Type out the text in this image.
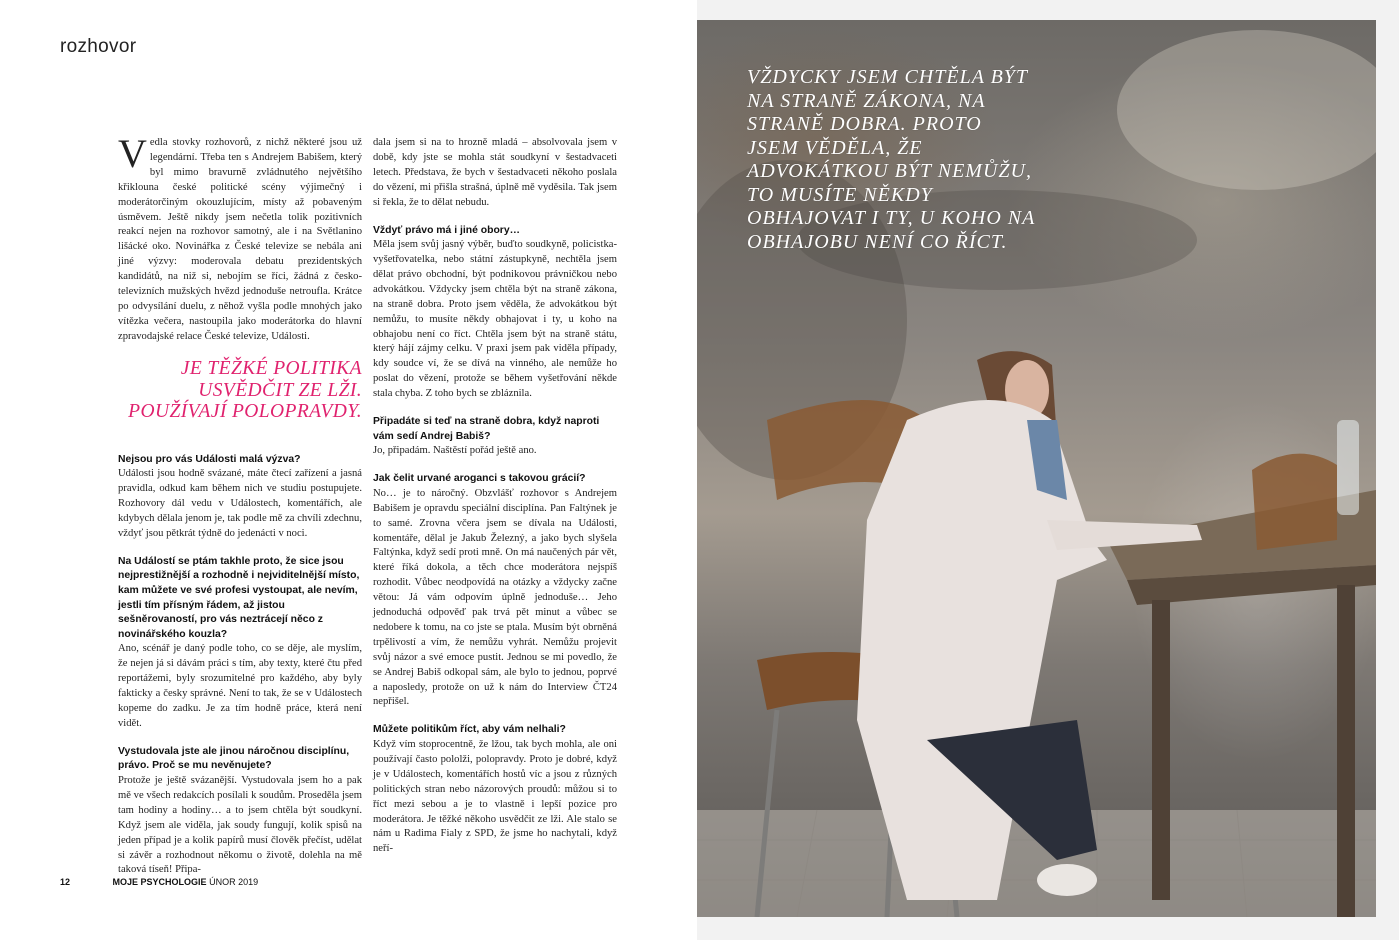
rozhovor

Vedla stovky rozhovorů, z nichž některé jsou už legendární. Třeba ten s Andrejem Babišem, který byl mimo bravurně zvládnutého největšího křiklouna české politické scény výjimečný i moderátorčiným okouzlujícím, místy až pobaveným úsměvem. Ještě nikdy jsem nečetla tolik pozitivních reakcí nejen na rozhovor samotný, ale i na Světlanino lišácké oko. Novinářka z České televize se nebála ani jiné výzvy: moderovala debatu prezidentských kandidátů, na niž si, nebojím se říci, žádná z českotelevizních mužských hvězd jednoduše netroufla. Krátce po odvysílání duelu, z něhož vyšla podle mnohých jako vítězka večera, nastoupila jako moderátorka do hlavní zpravodajské relace České televize, Události.

Nejsou pro vás Události malá výzva?

Události jsou hodně svázané, máte čtecí zařízení a jasná pravidla, odkud kam během nich ve studiu postupujete. Rozhovory dál vedu v Událostech, komentářích, ale kdybych dělala jenom je, tak podle mě za chvíli zdechnu, vždyť jsou pětkrát týdně do jedenácti v noci.

Na Událostí se ptám takhle proto, že sice jsou nejprestižnější a rozhodně i nejviditelnější místo, kam můžete ve své profesi vystoupat, ale nevím, jestli tím přísným řádem, až jistou sešněrovaností, pro vás neztrácejí něco z novinářského kouzla?

Ano, scénář je daný podle toho, co se děje, ale myslím, že nejen já si dávám práci s tím, aby texty, které čtu před reportážemi, byly srozumitelné pro každého, aby byly fakticky a česky správné. Není to tak, že se v Událostech kopeme do zadku. Je za tím hodně práce, která není vidět.

Vystudovala jste ale jinou náročnou disciplínu, právo. Proč se mu nevěnujete?

Protože je ještě svázanější. Vystudovala jsem ho a pak mě ve všech redakcích posílali k soudům. Proseděla jsem tam hodiny a hodiny… a to jsem chtěla být soudkyní. Když jsem ale viděla, jak soudy fungují, kolik spisů na jeden případ je a kolik papírů musí člověk přečíst, udělat si závěr a rozhodnout někomu o životě, dolehla na mě taková tíseň! Připa-

JE TĚŽKÉ POLITIKA USVĚDČIT ZE LŽI. POUŽÍVAJÍ POLOPRAVDY.

dala jsem si na to hrozně mladá – absolvovala jsem v době, kdy jste se mohla stát soudkyní v šestadvaceti letech. Představa, že bych v šestadvaceti někoho poslala do vězení, mi přišla strašná, úplně mě vyděsila. Tak jsem si řekla, že to dělat nebudu.

Vždyť právo má i jiné obory…

Měla jsem svůj jasný výběr, buďto soudkyně, policistka-vyšetřovatelka, nebo státní zástupkyně, nechtěla jsem dělat právo obchodní, být podnikovou právničkou nebo advokátkou. Vždycky jsem chtěla být na straně zákona, na straně dobra. Proto jsem věděla, že advokátkou být nemůžu, to musíte někdy obhajovat i ty, u koho na obhajobu není co říct. Chtěla jsem být na straně státu, který hájí zájmy celku. V praxi jsem pak viděla případy, kdy soudce ví, že se dívá na vinného, ale nemůže ho poslat do vězení, protože se během vyšetřování někde stala chyba. Z toho bych se zbláznila.

Připadáte si teď na straně dobra, když naproti vám sedí Andrej Babiš?

Jo, připadám. Naštěstí pořád ještě ano.

Jak čelit urvané aroganci s takovou grácií?

No… je to náročný. Obzvlášť rozhovor s Andrejem Babišem je opravdu speciální disciplína. Pan Faltýnek je to samé. Zrovna včera jsem se dívala na Události, komentáře, dělal je Jakub Železný, a jako bych slyšela Faltýnka, když sedí proti mně. On má naučených pár vět, které říká dokola, a těch chce moderátora nejspíš rozhodit. Vůbec neodpovídá na otázky a vždycky začne větou: Já vám odpovím úplně jednoduše… Jeho jednoduchá odpověď pak trvá pět minut a vůbec se nedobere k tomu, na co jste se ptala. Musím být obrněná trpělivostí a vím, že nemůžu vyhrát. Nemůžu projevit svůj názor a své emoce pustit. Jednou se mi povedlo, že se Andrej Babiš odkopal sám, ale bylo to jednou, poprvé a naposledy, protože on už k nám do Interview ČT24 nepřišel.

Můžete politikům říct, aby vám nelhali?

Když vím stoprocentně, že lžou, tak bych mohla, ale oni používají často pololži, polopravdy. Proto je dobré, když je v Událostech, komentářích hostů víc a jsou z různých politických stran nebo názorových proudů: můžou si to říct mezi sebou a je to vlastně i lepší pozice pro moderátora. Je těžké někoho usvědčit ze lži. Ale stalo se nám u Radima Fialy z SPD, že jsme ho nachytali, když neří-

12	MOJE PSYCHOLOGIE ÚNOR 2019
VŽDYCKY JSEM CHTĚLA BÝT NA STRANĚ ZÁKONA, NA STRANĚ DOBRA. PROTO JSEM VĚDĚLA, ŽE ADVOKÁTKOU BÝT NEMŮŽU, TO MUSÍTE NĚKDY OBHAJOVAT I TY, U KOHO NA OBHAJOBU NENÍ CO ŘÍCT.
